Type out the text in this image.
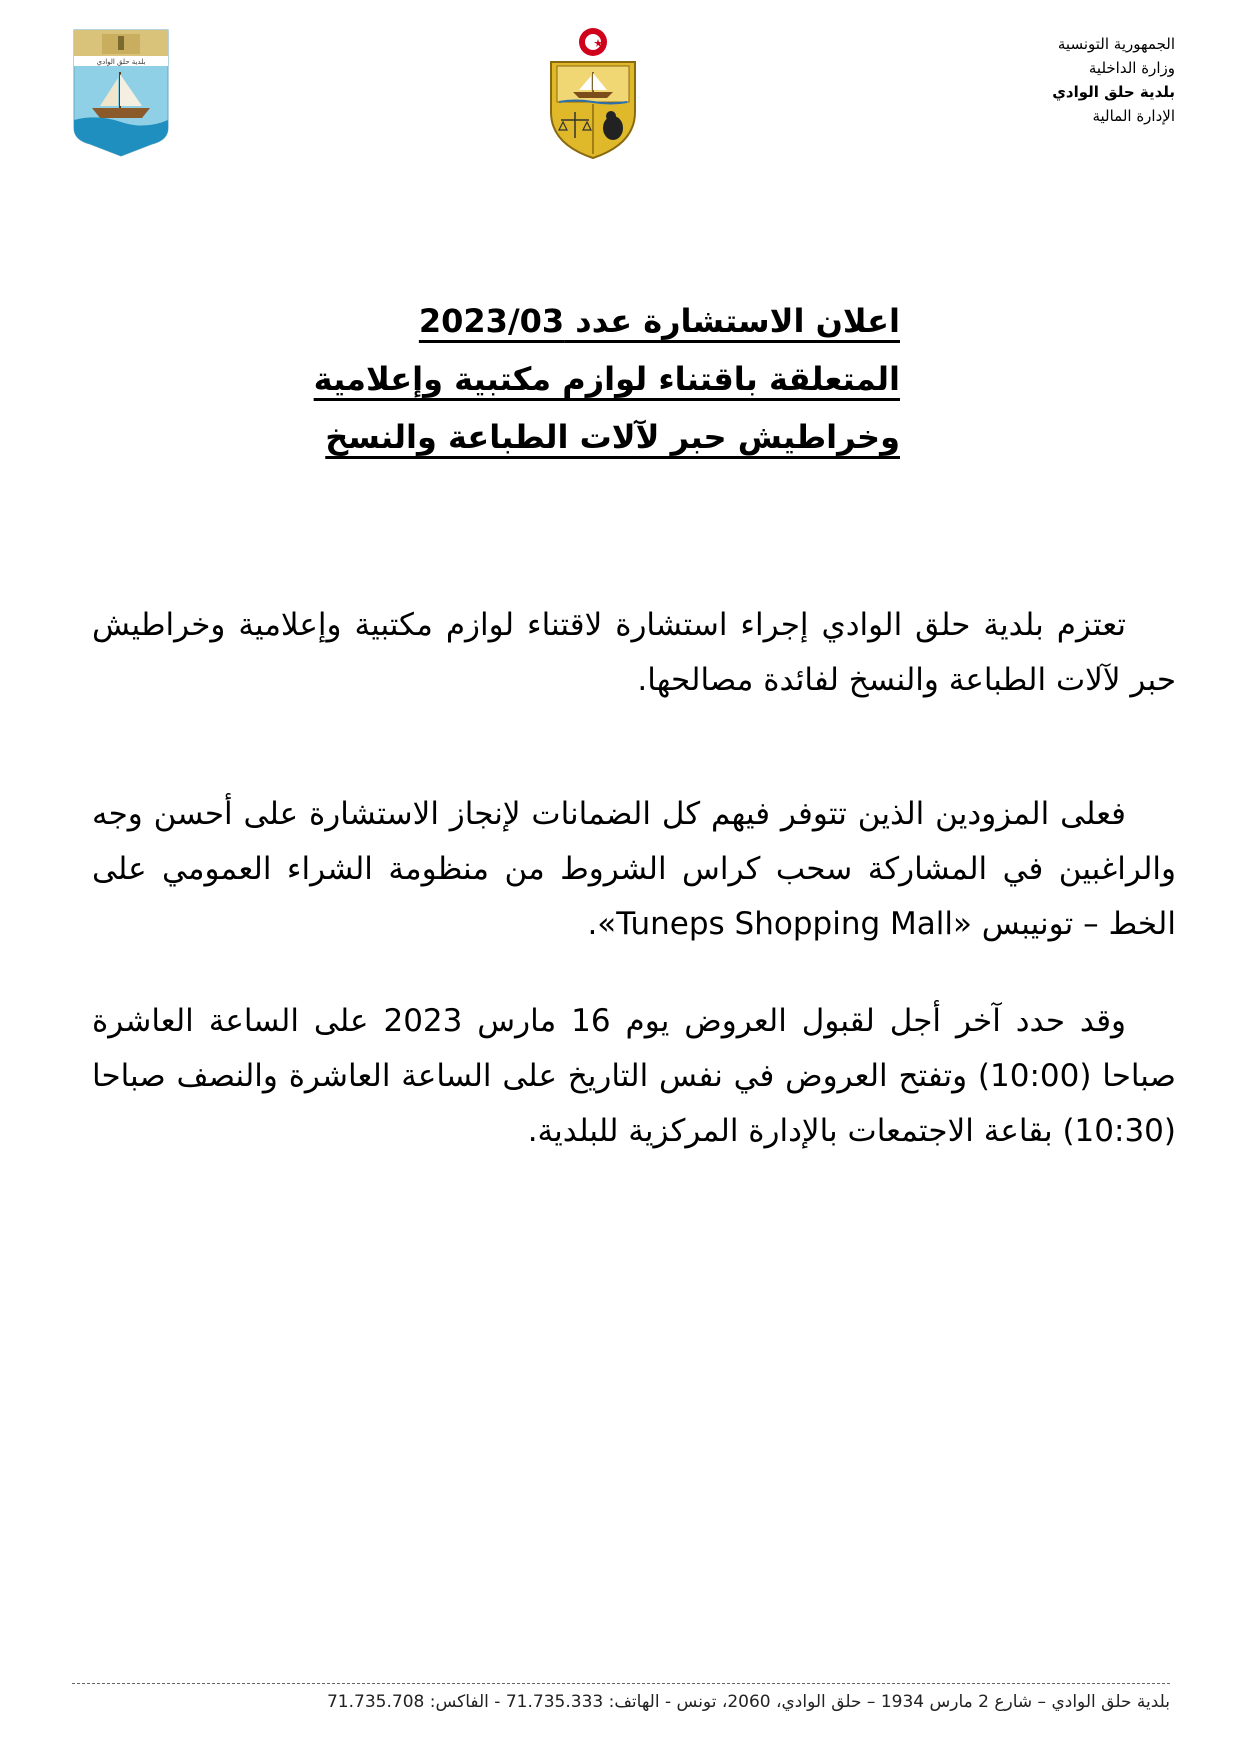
بلدية حلق الوادي
الجمهورية التونسية
وزارة الداخلية
بلدية حلق الوادي
الإدارة المالية
اعلان الاستشارة عدد 2023/03
المتعلقة باقتناء لوازم مكتبية وإعلامية
وخراطيش حبر لآلات الطباعة والنسخ

تعتزم بلدية حلق الوادي إجراء استشارة لاقتناء لوازم مكتبية وإعلامية وخراطيش حبر لآلات الطباعة والنسخ لفائدة مصالحها.

فعلى المزودين الذين تتوفر فيهم كل الضمانات لإنجاز الاستشارة على أحسن وجه والراغبين في المشاركة سحب كراس الشروط من منظومة الشراء العمومي على الخط – تونيبس «Tuneps Shopping Mall».

وقد حدد آخر أجل لقبول العروض يوم 16 مارس 2023 على الساعة العاشرة صباحا (10:00) وتفتح العروض في نفس التاريخ على الساعة العاشرة والنصف صباحا (10:30) بقاعة الاجتمعات بالإدارة المركزية للبلدية.

بلدية حلق الوادي – شارع 2 مارس 1934 – حلق الوادي، 2060، تونس - الهاتف: 71.735.333 - الفاكس: 71.735.708
